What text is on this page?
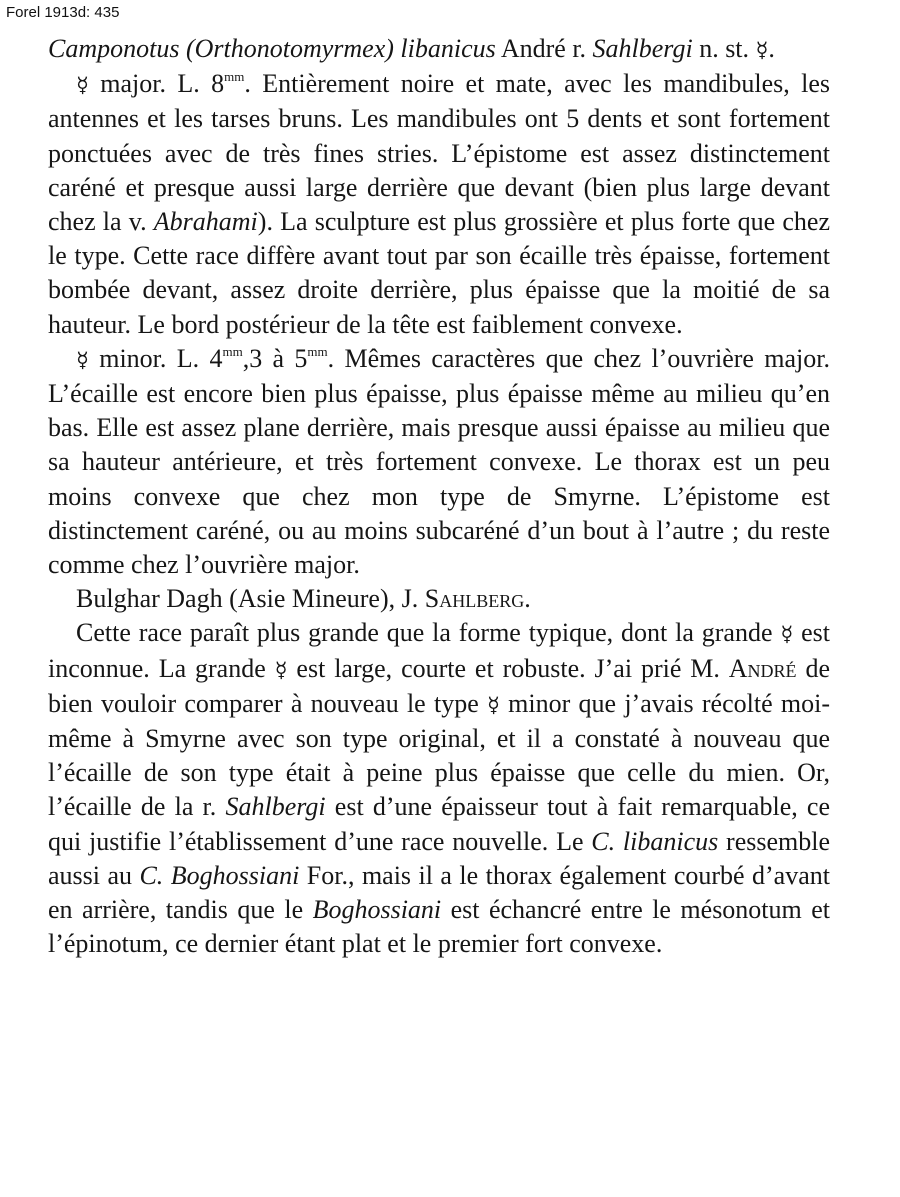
Forel 1913d: 435

Camponotus (Orthonotomyrmex) libanicus André r. Sahlbergi n. st. ☿.

☿ major. L. $8^{mm}$. Entièrement noire et mate, avec les mandibules, les antennes et les tarses bruns. Les mandibules ont 5 dents et sont fortement ponctuées avec de très fines stries. L’épistome est assez distinctement caréné et presque aussi large derrière que devant (bien plus large devant chez la v. Abrahami). La sculpture est plus grossière et plus forte que chez le type. Cette race diffère avant tout par son écaille très épaisse, fortement bombée devant, assez droite derrière, plus épaisse que la moitié de sa hauteur. Le bord postérieur de la tête est faiblement convexe.

☿ minor. L. $4^{mm},3$ à $5^{mm}$. Mêmes caractères que chez l’ouvrière major. L’écaille est encore bien plus épaisse, plus épaisse même au milieu qu’en bas. Elle est assez plane derrière, mais presque aussi épaisse au milieu que sa hauteur antérieure, et très fortement convexe. Le thorax est un peu moins convexe que chez mon type de Smyrne. L’épistome est distinctement caréné, ou au moins subcaréné d’un bout à l’autre ; du reste comme chez l’ouvrière major.

Bulghar Dagh (Asie Mineure), J. Sahlberg.

Cette race paraît plus grande que la forme typique, dont la grande ☿ est inconnue. La grande ☿ est large, courte et robuste. J’ai prié M. André de bien vouloir comparer à nouveau le type ☿ minor que j’avais récolté moi-même à Smyrne avec son type original, et il a constaté à nouveau que l’écaille de son type était à peine plus épaisse que celle du mien. Or, l’écaille de la r. Sahlbergi est d’une épaisseur tout à fait remarquable, ce qui justifie l’établissement d’une race nouvelle. Le C. libanicus ressemble aussi au C. Boghossiani For., mais il a le thorax également courbé d’avant en arrière, tandis que le Boghossiani est échancré entre le mésonotum et l’épinotum, ce dernier étant plat et le premier fort convexe.
